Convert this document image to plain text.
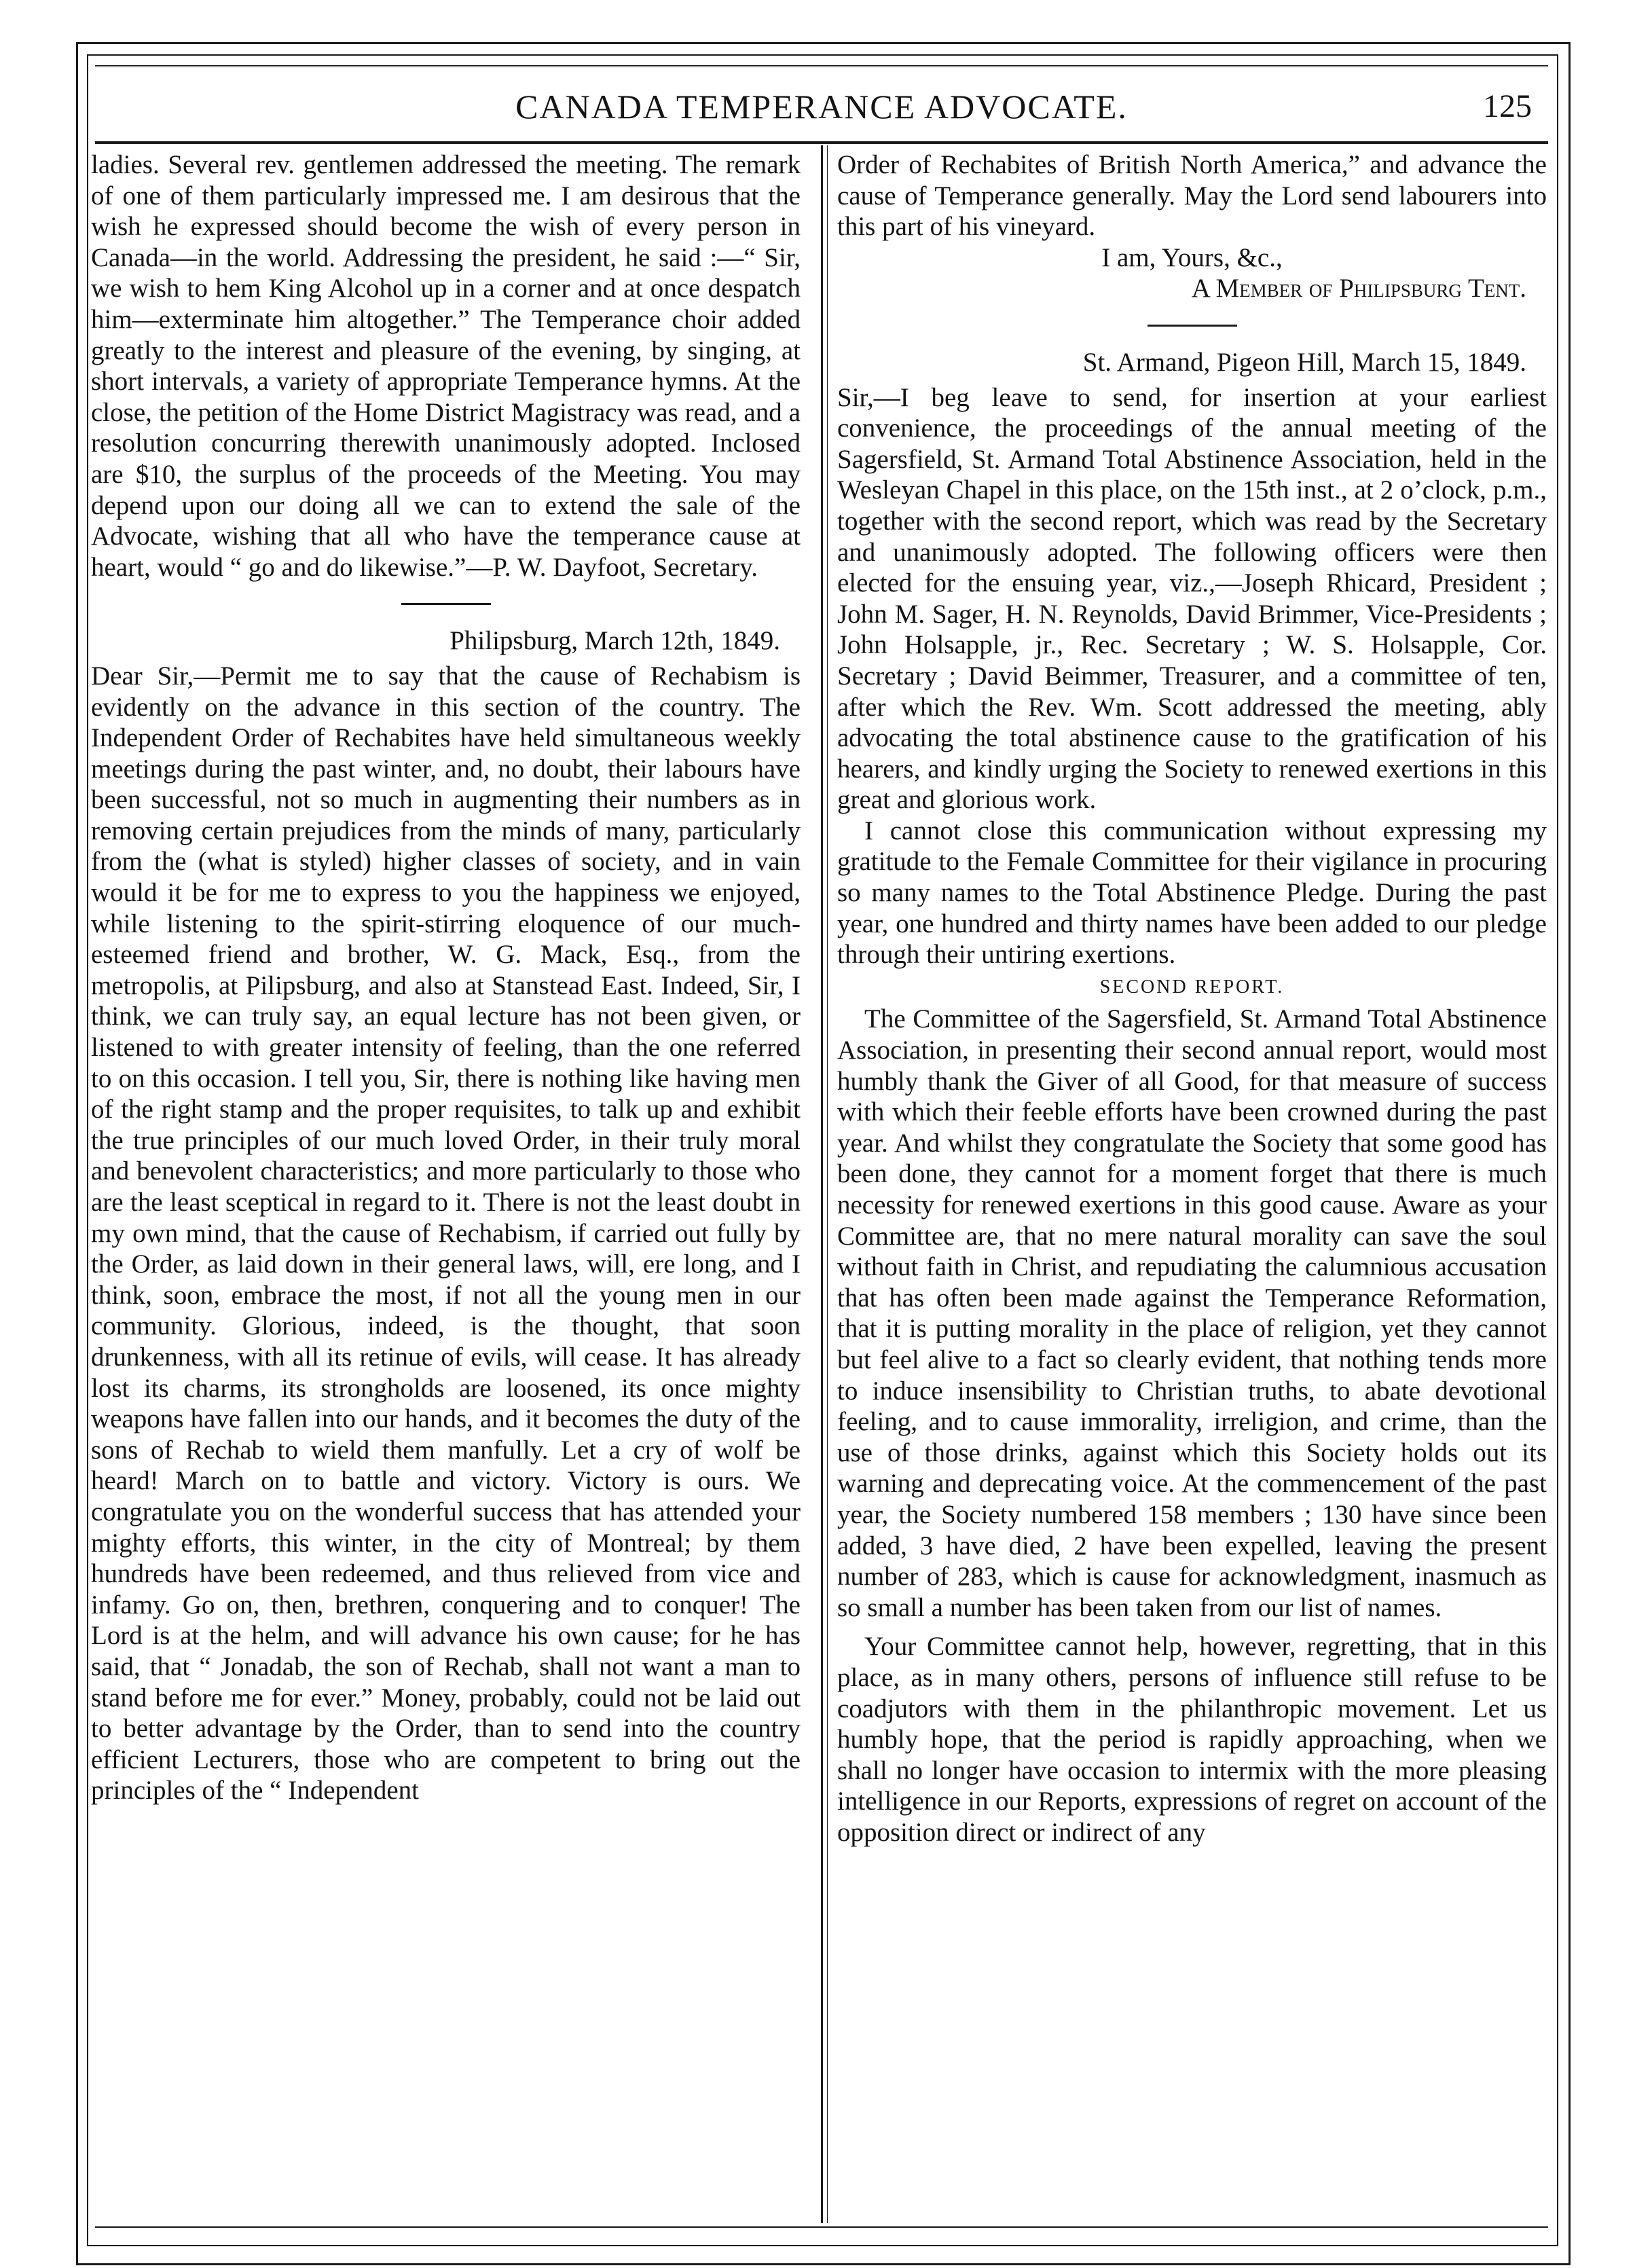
CANADA TEMPERANCE ADVOCATE.	125

ladies. Several rev. gentlemen addressed the meeting. The remark of one of them particularly impressed me. I am desirous that the wish he expressed should become the wish of every person in Canada—in the world. Addressing the president, he said :—“ Sir, we wish to hem King Alcohol up in a corner and at once despatch him—exterminate him altogether.” The Temperance choir added greatly to the interest and pleasure of the evening, by singing, at short intervals, a variety of appropriate Temperance hymns. At the close, the petition of the Home District Magistracy was read, and a resolution concurring therewith unanimously adopted. Inclosed are $10, the surplus of the proceeds of the Meeting. You may depend upon our doing all we can to extend the sale of the Advocate, wishing that all who have the temperance cause at heart, would “ go and do likewise.”—P. W. Dayfoot, Secretary.

Philipsburg, March 12th, 1849.

Dear Sir,—Permit me to say that the cause of Rechabism is evidently on the advance in this section of the country. The Independent Order of Rechabites have held simultaneous weekly meetings during the past winter, and, no doubt, their labours have been successful, not so much in augmenting their numbers as in removing certain prejudices from the minds of many, particularly from the (what is styled) higher classes of society, and in vain would it be for me to express to you the happiness we enjoyed, while listening to the spirit-stirring eloquence of our much-esteemed friend and brother, W. G. Mack, Esq., from the metropolis, at Pilipsburg, and also at Stanstead East. Indeed, Sir, I think, we can truly say, an equal lecture has not been given, or listened to with greater intensity of feeling, than the one referred to on this occasion. I tell you, Sir, there is nothing like having men of the right stamp and the proper requisites, to talk up and exhibit the true principles of our much loved Order, in their truly moral and benevolent characteristics; and more particularly to those who are the least sceptical in regard to it. There is not the least doubt in my own mind, that the cause of Rechabism, if carried out fully by the Order, as laid down in their general laws, will, ere long, and I think, soon, embrace the most, if not all the young men in our community. Glorious, indeed, is the thought, that soon drunkenness, with all its retinue of evils, will cease. It has already lost its charms, its strongholds are loosened, its once mighty weapons have fallen into our hands, and it becomes the duty of the sons of Rechab to wield them manfully. Let a cry of wolf be heard! March on to battle and victory. Victory is ours. We congratulate you on the wonderful success that has attended your mighty efforts, this winter, in the city of Montreal; by them hundreds have been redeemed, and thus relieved from vice and infamy. Go on, then, brethren, conquering and to conquer! The Lord is at the helm, and will advance his own cause; for he has said, that “ Jonadab, the son of Rechab, shall not want a man to stand before me for ever.” Money, probably, could not be laid out to better advantage by the Order, than to send into the country efficient Lecturers, those who are competent to bring out the principles of the “ Independent

Order of Rechabites of British North America,” and advance the cause of Temperance generally. May the Lord send labourers into this part of his vineyard.

I am, Yours, &c.,

A Member of Philipsburg Tent.

St. Armand, Pigeon Hill, March 15, 1849.

Sir,—I beg leave to send, for insertion at your earliest convenience, the proceedings of the annual meeting of the Sagersfield, St. Armand Total Abstinence Association, held in the Wesleyan Chapel in this place, on the 15th inst., at 2 o’clock, p.m., together with the second report, which was read by the Secretary and unanimously adopted. The following officers were then elected for the ensuing year, viz.,—Joseph Rhicard, President ; John M. Sager, H. N. Reynolds, David Brimmer, Vice-Presidents ; John Holsapple, jr., Rec. Secretary ; W. S. Holsapple, Cor. Secretary ; David Beimmer, Treasurer, and a committee of ten, after which the Rev. Wm. Scott addressed the meeting, ably advocating the total abstinence cause to the gratification of his hearers, and kindly urging the Society to renewed exertions in this great and glorious work.

I cannot close this communication without expressing my gratitude to the Female Committee for their vigilance in procuring so many names to the Total Abstinence Pledge. During the past year, one hundred and thirty names have been added to our pledge through their untiring exertions.

SECOND REPORT.

The Committee of the Sagersfield, St. Armand Total Abstinence Association, in presenting their second annual report, would most humbly thank the Giver of all Good, for that measure of success with which their feeble efforts have been crowned during the past year. And whilst they congratulate the Society that some good has been done, they cannot for a moment forget that there is much necessity for renewed exertions in this good cause. Aware as your Committee are, that no mere natural morality can save the soul without faith in Christ, and repudiating the calumnious accusation that has often been made against the Temperance Reformation, that it is putting morality in the place of religion, yet they cannot but feel alive to a fact so clearly evident, that nothing tends more to induce insensibility to Christian truths, to abate devotional feeling, and to cause immorality, irreligion, and crime, than the use of those drinks, against which this Society holds out its warning and deprecating voice. At the commencement of the past year, the Society numbered 158 members ; 130 have since been added, 3 have died, 2 have been expelled, leaving the present number of 283, which is cause for acknowledgment, inasmuch as so small a number has been taken from our list of names.

Your Committee cannot help, however, regretting, that in this place, as in many others, persons of influence still refuse to be coadjutors with them in the philanthropic movement. Let us humbly hope, that the period is rapidly approaching, when we shall no longer have occasion to intermix with the more pleasing intelligence in our Reports, expressions of regret on account of the opposition direct or indirect of any
